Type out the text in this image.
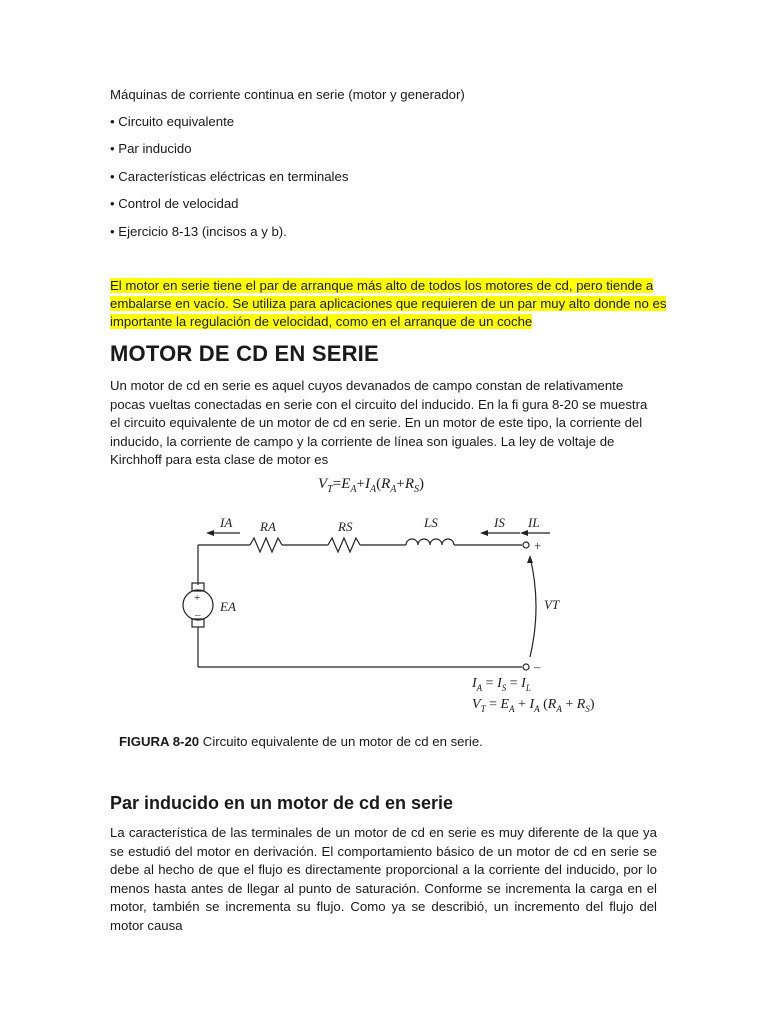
Máquinas de corriente continua en serie (motor y generador)
• Circuito equivalente
• Par inducido
• Características eléctricas en terminales
• Control de velocidad
• Ejercicio 8-13 (incisos a y b).
El motor en serie tiene el par de arranque más alto de todos los motores de cd, pero tiende a
embalarse en vacío. Se utiliza para aplicaciones que requieren de un par muy alto donde no es
importante la regulación de velocidad, como en el arranque de un coche
MOTOR DE CD EN SERIE
Un motor de cd en serie es aquel cuyos devanados de campo constan de relativamente pocas vueltas conectadas en serie con el circuito del inducido. En la fi gura 8-20 se muestra el circuito equivalente de un motor de cd en serie. En un motor de este tipo, la corriente del inducido, la corriente de campo y la corriente de línea son iguales. La ley de voltaje de Kirchhoff para esta clase de motor es
$V_T=E_A+I_A(R_A+R_S)$
IA RA	RS	LS	IS IL
EA	VT
+
–
+
–
$I_A = I_S = I_L$
$V_T = E_A + I_A$ $(R_A + R_S)$
FIGURA 8-20 Circuito equivalente de un motor de cd en serie.
Par inducido en un motor de cd en serie
La característica de las terminales de un motor de cd en serie es muy diferente de la que ya se estudió del motor en derivación. El comportamiento básico de un motor de cd en serie se debe al hecho de que el flujo es directamente proporcional a la corriente del inducido, por lo menos hasta antes de llegar al punto de saturación. Conforme se incrementa la carga en el motor, también se incrementa su flujo. Como ya se describió, un incremento del flujo del motor causa
